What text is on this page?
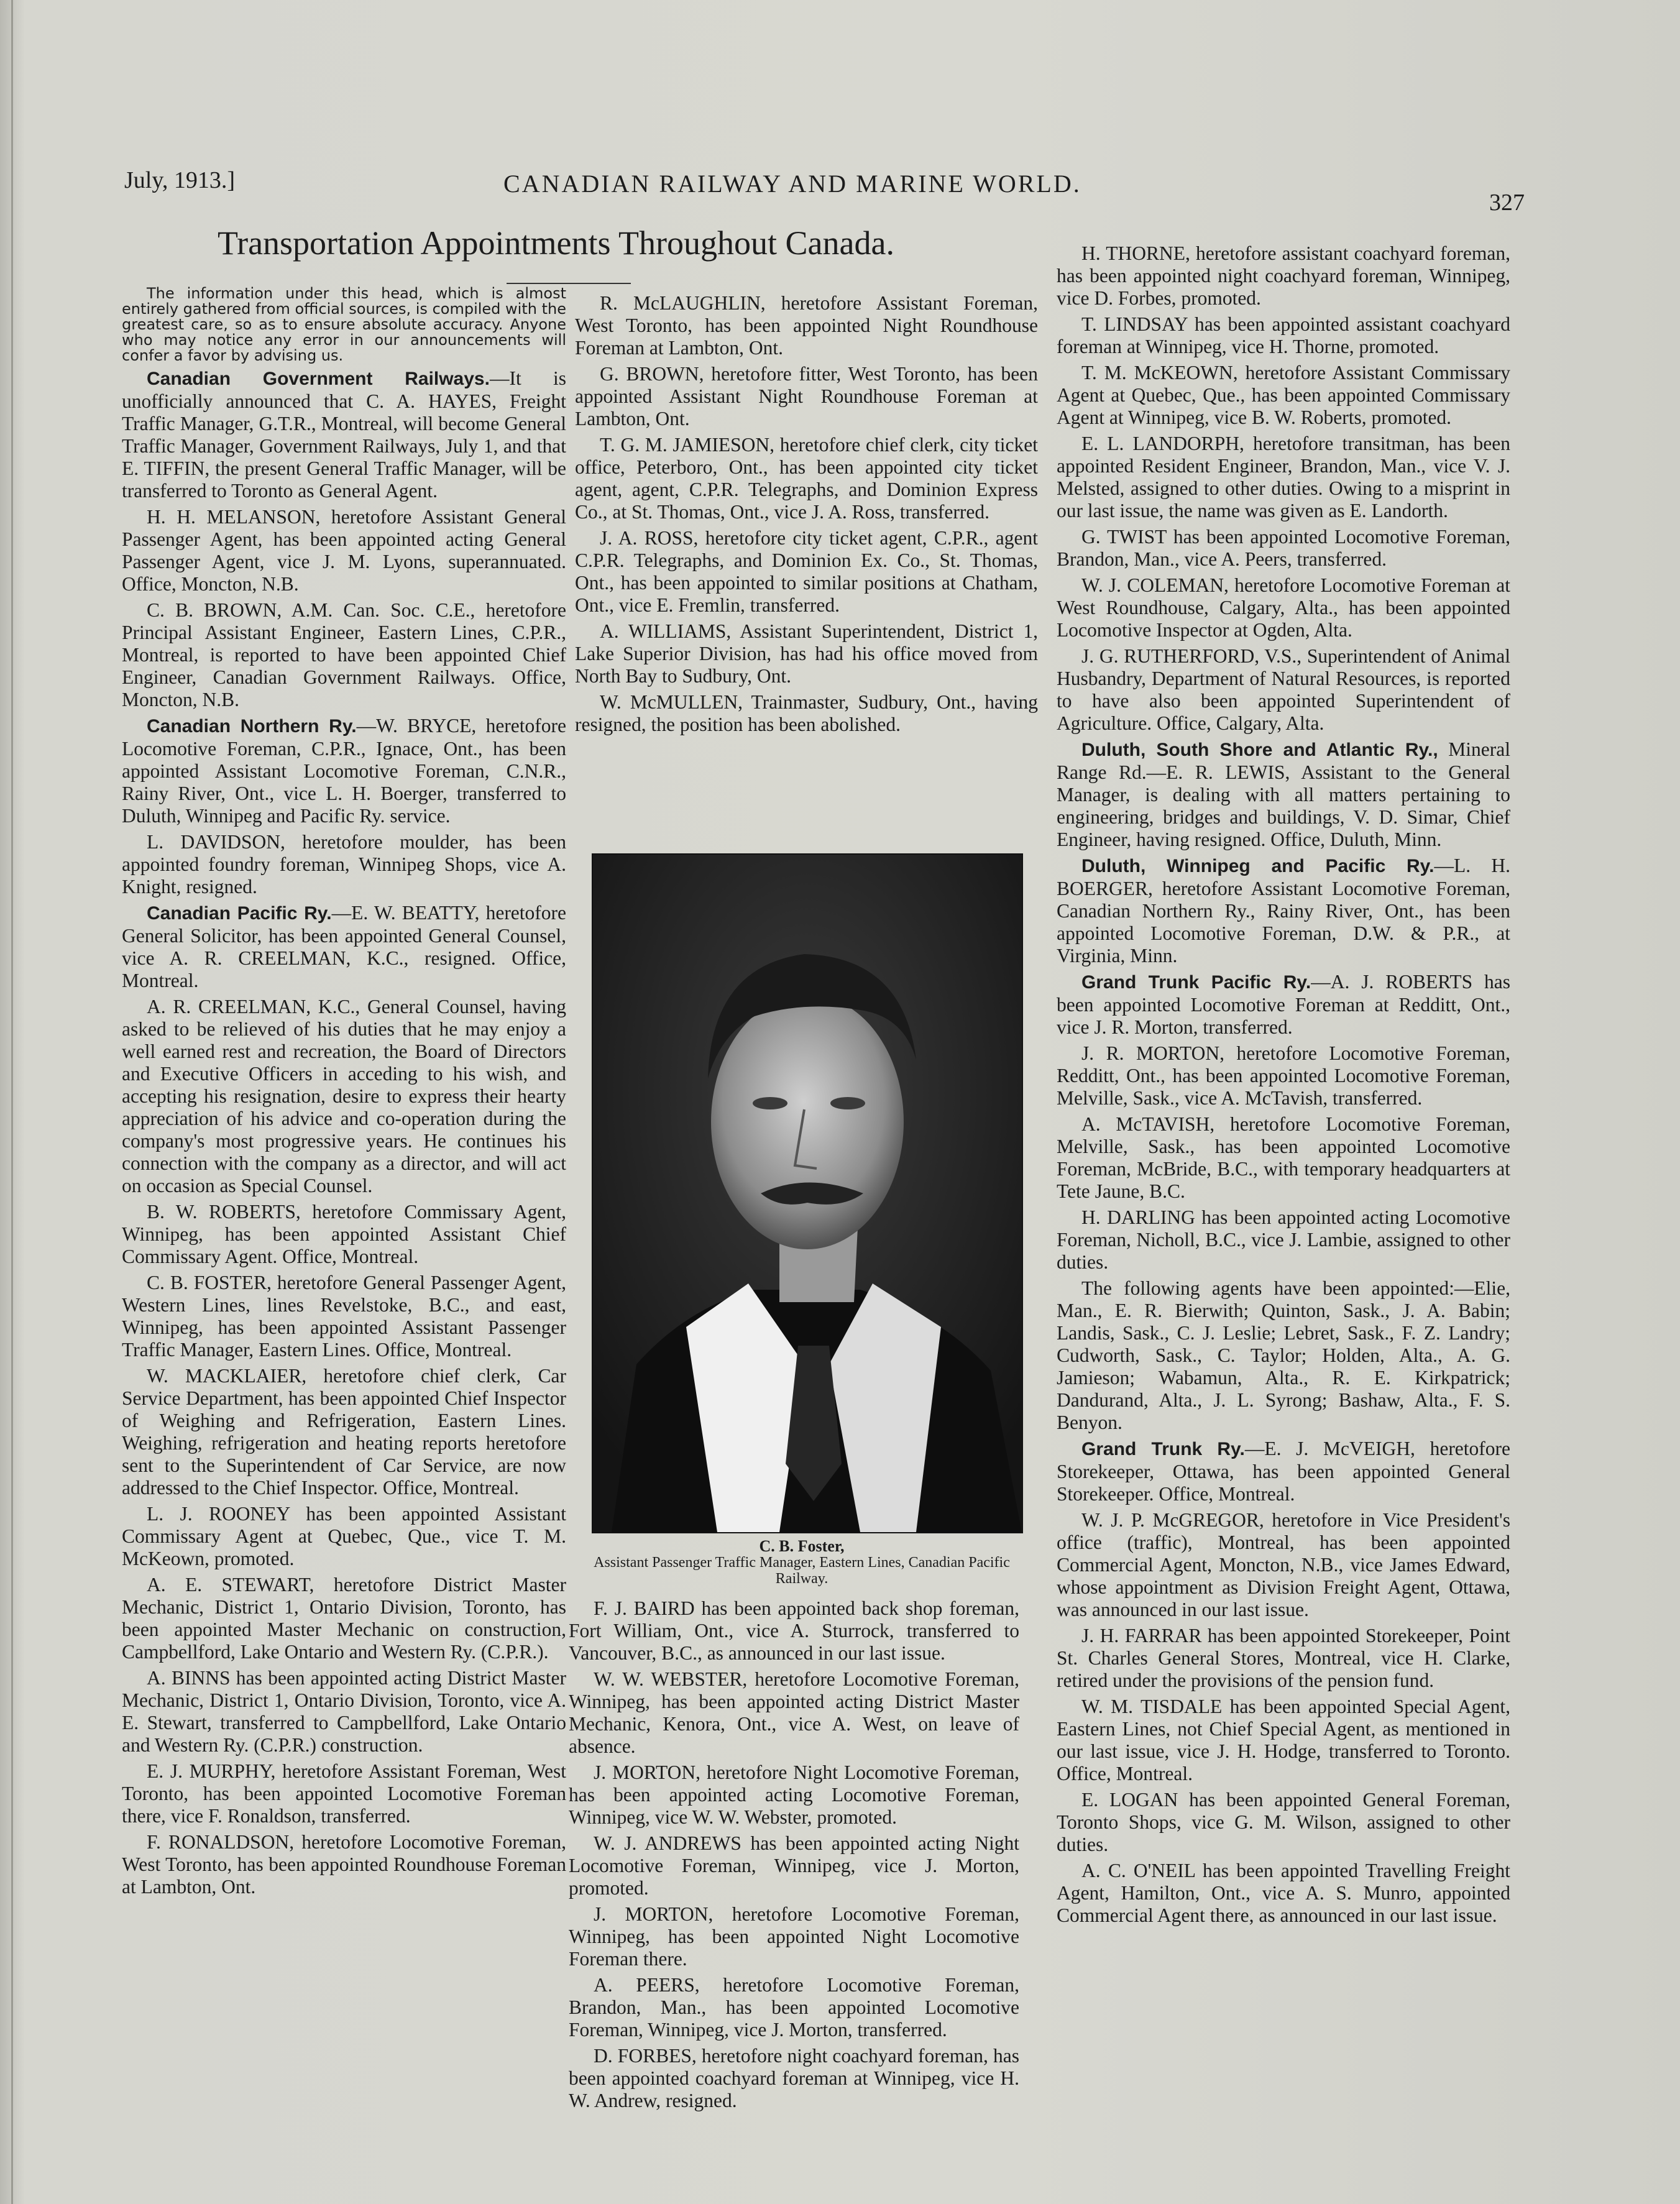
July, 1913.]	CANADIAN RAILWAY AND MARINE WORLD.
327
Transportation Appointments Throughout Canada.

The information under this head, which is almost entirely gathered from official sources, is compiled with the greatest care, so as to ensure absolute accuracy. Anyone who may notice any error in our announcements will confer a favor by advising us.

Canadian Government Railways.—It is unofficially announced that C. A. HAYES, Freight Traffic Manager, G.T.R., Montreal, will become General Traffic Manager, Government Railways, July 1, and that E. TIFFIN, the present General Traffic Manager, will be transferred to Toronto as General Agent.

H. H. MELANSON, heretofore Assistant General Passenger Agent, has been appointed acting General Passenger Agent, vice J. M. Lyons, superannuated. Office, Moncton, N.B.

C. B. BROWN, A.M. Can. Soc. C.E., heretofore Principal Assistant Engineer, Eastern Lines, C.P.R., Montreal, is reported to have been appointed Chief Engineer, Canadian Government Railways. Office, Moncton, N.B.

Canadian Northern Ry.—W. BRYCE, heretofore Locomotive Foreman, C.P.R., Ignace, Ont., has been appointed Assistant Locomotive Foreman, C.N.R., Rainy River, Ont., vice L. H. Boerger, transferred to Duluth, Winnipeg and Pacific Ry. service.

L. DAVIDSON, heretofore moulder, has been appointed foundry foreman, Winnipeg Shops, vice A. Knight, resigned.

Canadian Pacific Ry.—E. W. BEATTY, heretofore General Solicitor, has been appointed General Counsel, vice A. R. CREELMAN, K.C., resigned. Office, Montreal.

A. R. CREELMAN, K.C., General Counsel, having asked to be relieved of his duties that he may enjoy a well earned rest and recreation, the Board of Directors and Executive Officers in acceding to his wish, and accepting his resignation, desire to express their hearty appreciation of his advice and co-operation during the company's most progressive years. He continues his connection with the company as a director, and will act on occasion as Special Counsel.

B. W. ROBERTS, heretofore Commissary Agent, Winnipeg, has been appointed Assistant Chief Commissary Agent. Office, Montreal.

C. B. FOSTER, heretofore General Passenger Agent, Western Lines, lines Revelstoke, B.C., and east, Winnipeg, has been appointed Assistant Passenger Traffic Manager, Eastern Lines. Office, Montreal.

W. MACKLAIER, heretofore chief clerk, Car Service Department, has been appointed Chief Inspector of Weighing and Refrigeration, Eastern Lines. Weighing, refrigeration and heating reports heretofore sent to the Superintendent of Car Service, are now addressed to the Chief Inspector. Office, Montreal.

L. J. ROONEY has been appointed Assistant Commissary Agent at Quebec, Que., vice T. M. McKeown, promoted.

A. E. STEWART, heretofore District Master Mechanic, District 1, Ontario Division, Toronto, has been appointed Master Mechanic on construction, Campbellford, Lake Ontario and Western Ry. (C.P.R.).

A. BINNS has been appointed acting District Master Mechanic, District 1, Ontario Division, Toronto, vice A. E. Stewart, transferred to Campbellford, Lake Ontario and Western Ry. (C.P.R.) construction.

E. J. MURPHY, heretofore Assistant Foreman, West Toronto, has been appointed Locomotive Foreman there, vice F. Ronaldson, transferred.

F. RONALDSON, heretofore Locomotive Foreman, West Toronto, has been appointed Roundhouse Foreman at Lambton, Ont.

R. McLAUGHLIN, heretofore Assistant Foreman, West Toronto, has been appointed Night Roundhouse Foreman at Lambton, Ont.

G. BROWN, heretofore fitter, West Toronto, has been appointed Assistant Night Roundhouse Foreman at Lambton, Ont.

T. G. M. JAMIESON, heretofore chief clerk, city ticket office, Peterboro, Ont., has been appointed city ticket agent, agent, C.P.R. Telegraphs, and Dominion Express Co., at St. Thomas, Ont., vice J. A. Ross, transferred.

J. A. ROSS, heretofore city ticket agent, C.P.R., agent C.P.R. Telegraphs, and Dominion Ex. Co., St. Thomas, Ont., has been appointed to similar positions at Chatham, Ont., vice E. Fremlin, transferred.

A. WILLIAMS, Assistant Superintendent, District 1, Lake Superior Division, has had his office moved from North Bay to Sudbury, Ont.

W. McMULLEN, Trainmaster, Sudbury, Ont., having resigned, the position has been abolished.

C. B. Foster,
Assistant Passenger Traffic Manager, Eastern Lines, Canadian Pacific Railway.

F. J. BAIRD has been appointed back shop foreman, Fort William, Ont., vice A. Sturrock, transferred to Vancouver, B.C., as announced in our last issue.

W. W. WEBSTER, heretofore Locomotive Foreman, Winnipeg, has been appointed acting District Master Mechanic, Kenora, Ont., vice A. West, on leave of absence.

J. MORTON, heretofore Night Locomotive Foreman, has been appointed acting Locomotive Foreman, Winnipeg, vice W. W. Webster, promoted.

W. J. ANDREWS has been appointed acting Night Locomotive Foreman, Winnipeg, vice J. Morton, promoted.

J. MORTON, heretofore Locomotive Foreman, Winnipeg, has been appointed Night Locomotive Foreman there.

A. PEERS, heretofore Locomotive Foreman, Brandon, Man., has been appointed Locomotive Foreman, Winnipeg, vice J. Morton, transferred.

D. FORBES, heretofore night coachyard foreman, has been appointed coachyard foreman at Winnipeg, vice H. W. Andrew, resigned.

H. THORNE, heretofore assistant coachyard foreman, has been appointed night coachyard foreman, Winnipeg, vice D. Forbes, promoted.

T. LINDSAY has been appointed assistant coachyard foreman at Winnipeg, vice H. Thorne, promoted.

T. M. McKEOWN, heretofore Assistant Commissary Agent at Quebec, Que., has been appointed Commissary Agent at Winnipeg, vice B. W. Roberts, promoted.

E. L. LANDORPH, heretofore transitman, has been appointed Resident Engineer, Brandon, Man., vice V. J. Melsted, assigned to other duties. Owing to a misprint in our last issue, the name was given as E. Landorth.

G. TWIST has been appointed Locomotive Foreman, Brandon, Man., vice A. Peers, transferred.

W. J. COLEMAN, heretofore Locomotive Foreman at West Roundhouse, Calgary, Alta., has been appointed Locomotive Inspector at Ogden, Alta.

J. G. RUTHERFORD, V.S., Superintendent of Animal Husbandry, Department of Natural Resources, is reported to have also been appointed Superintendent of Agriculture. Office, Calgary, Alta.

Duluth, South Shore and Atlantic Ry., Mineral Range Rd.—E. R. LEWIS, Assistant to the General Manager, is dealing with all matters pertaining to engineering, bridges and buildings, V. D. Simar, Chief Engineer, having resigned. Office, Duluth, Minn.

Duluth, Winnipeg and Pacific Ry.—L. H. BOERGER, heretofore Assistant Locomotive Foreman, Canadian Northern Ry., Rainy River, Ont., has been appointed Locomotive Foreman, D.W. & P.R., at Virginia, Minn.

Grand Trunk Pacific Ry.—A. J. ROBERTS has been appointed Locomotive Foreman at Redditt, Ont., vice J. R. Morton, transferred.

J. R. MORTON, heretofore Locomotive Foreman, Redditt, Ont., has been appointed Locomotive Foreman, Melville, Sask., vice A. McTavish, transferred.

A. McTAVISH, heretofore Locomotive Foreman, Melville, Sask., has been appointed Locomotive Foreman, McBride, B.C., with temporary headquarters at Tete Jaune, B.C.

H. DARLING has been appointed acting Locomotive Foreman, Nicholl, B.C., vice J. Lambie, assigned to other duties.

The following agents have been appointed:—Elie, Man., E. R. Bierwith; Quinton, Sask., J. A. Babin; Landis, Sask., C. J. Leslie; Lebret, Sask., F. Z. Landry; Cudworth, Sask., C. Taylor; Holden, Alta., A. G. Jamieson; Wabamun, Alta., R. E. Kirkpatrick; Dandurand, Alta., J. L. Syrong; Bashaw, Alta., F. S. Benyon.

Grand Trunk Ry.—E. J. McVEIGH, heretofore Storekeeper, Ottawa, has been appointed General Storekeeper. Office, Montreal.

W. J. P. McGREGOR, heretofore in Vice President's office (traffic), Montreal, has been appointed Commercial Agent, Moncton, N.B., vice James Edward, whose appointment as Division Freight Agent, Ottawa, was announced in our last issue.

J. H. FARRAR has been appointed Storekeeper, Point St. Charles General Stores, Montreal, vice H. Clarke, retired under the provisions of the pension fund.

W. M. TISDALE has been appointed Special Agent, Eastern Lines, not Chief Special Agent, as mentioned in our last issue, vice J. H. Hodge, transferred to Toronto. Office, Montreal.

E. LOGAN has been appointed General Foreman, Toronto Shops, vice G. M. Wilson, assigned to other duties.

A. C. O'NEIL has been appointed Travelling Freight Agent, Hamilton, Ont., vice A. S. Munro, appointed Commercial Agent there, as announced in our last issue.
